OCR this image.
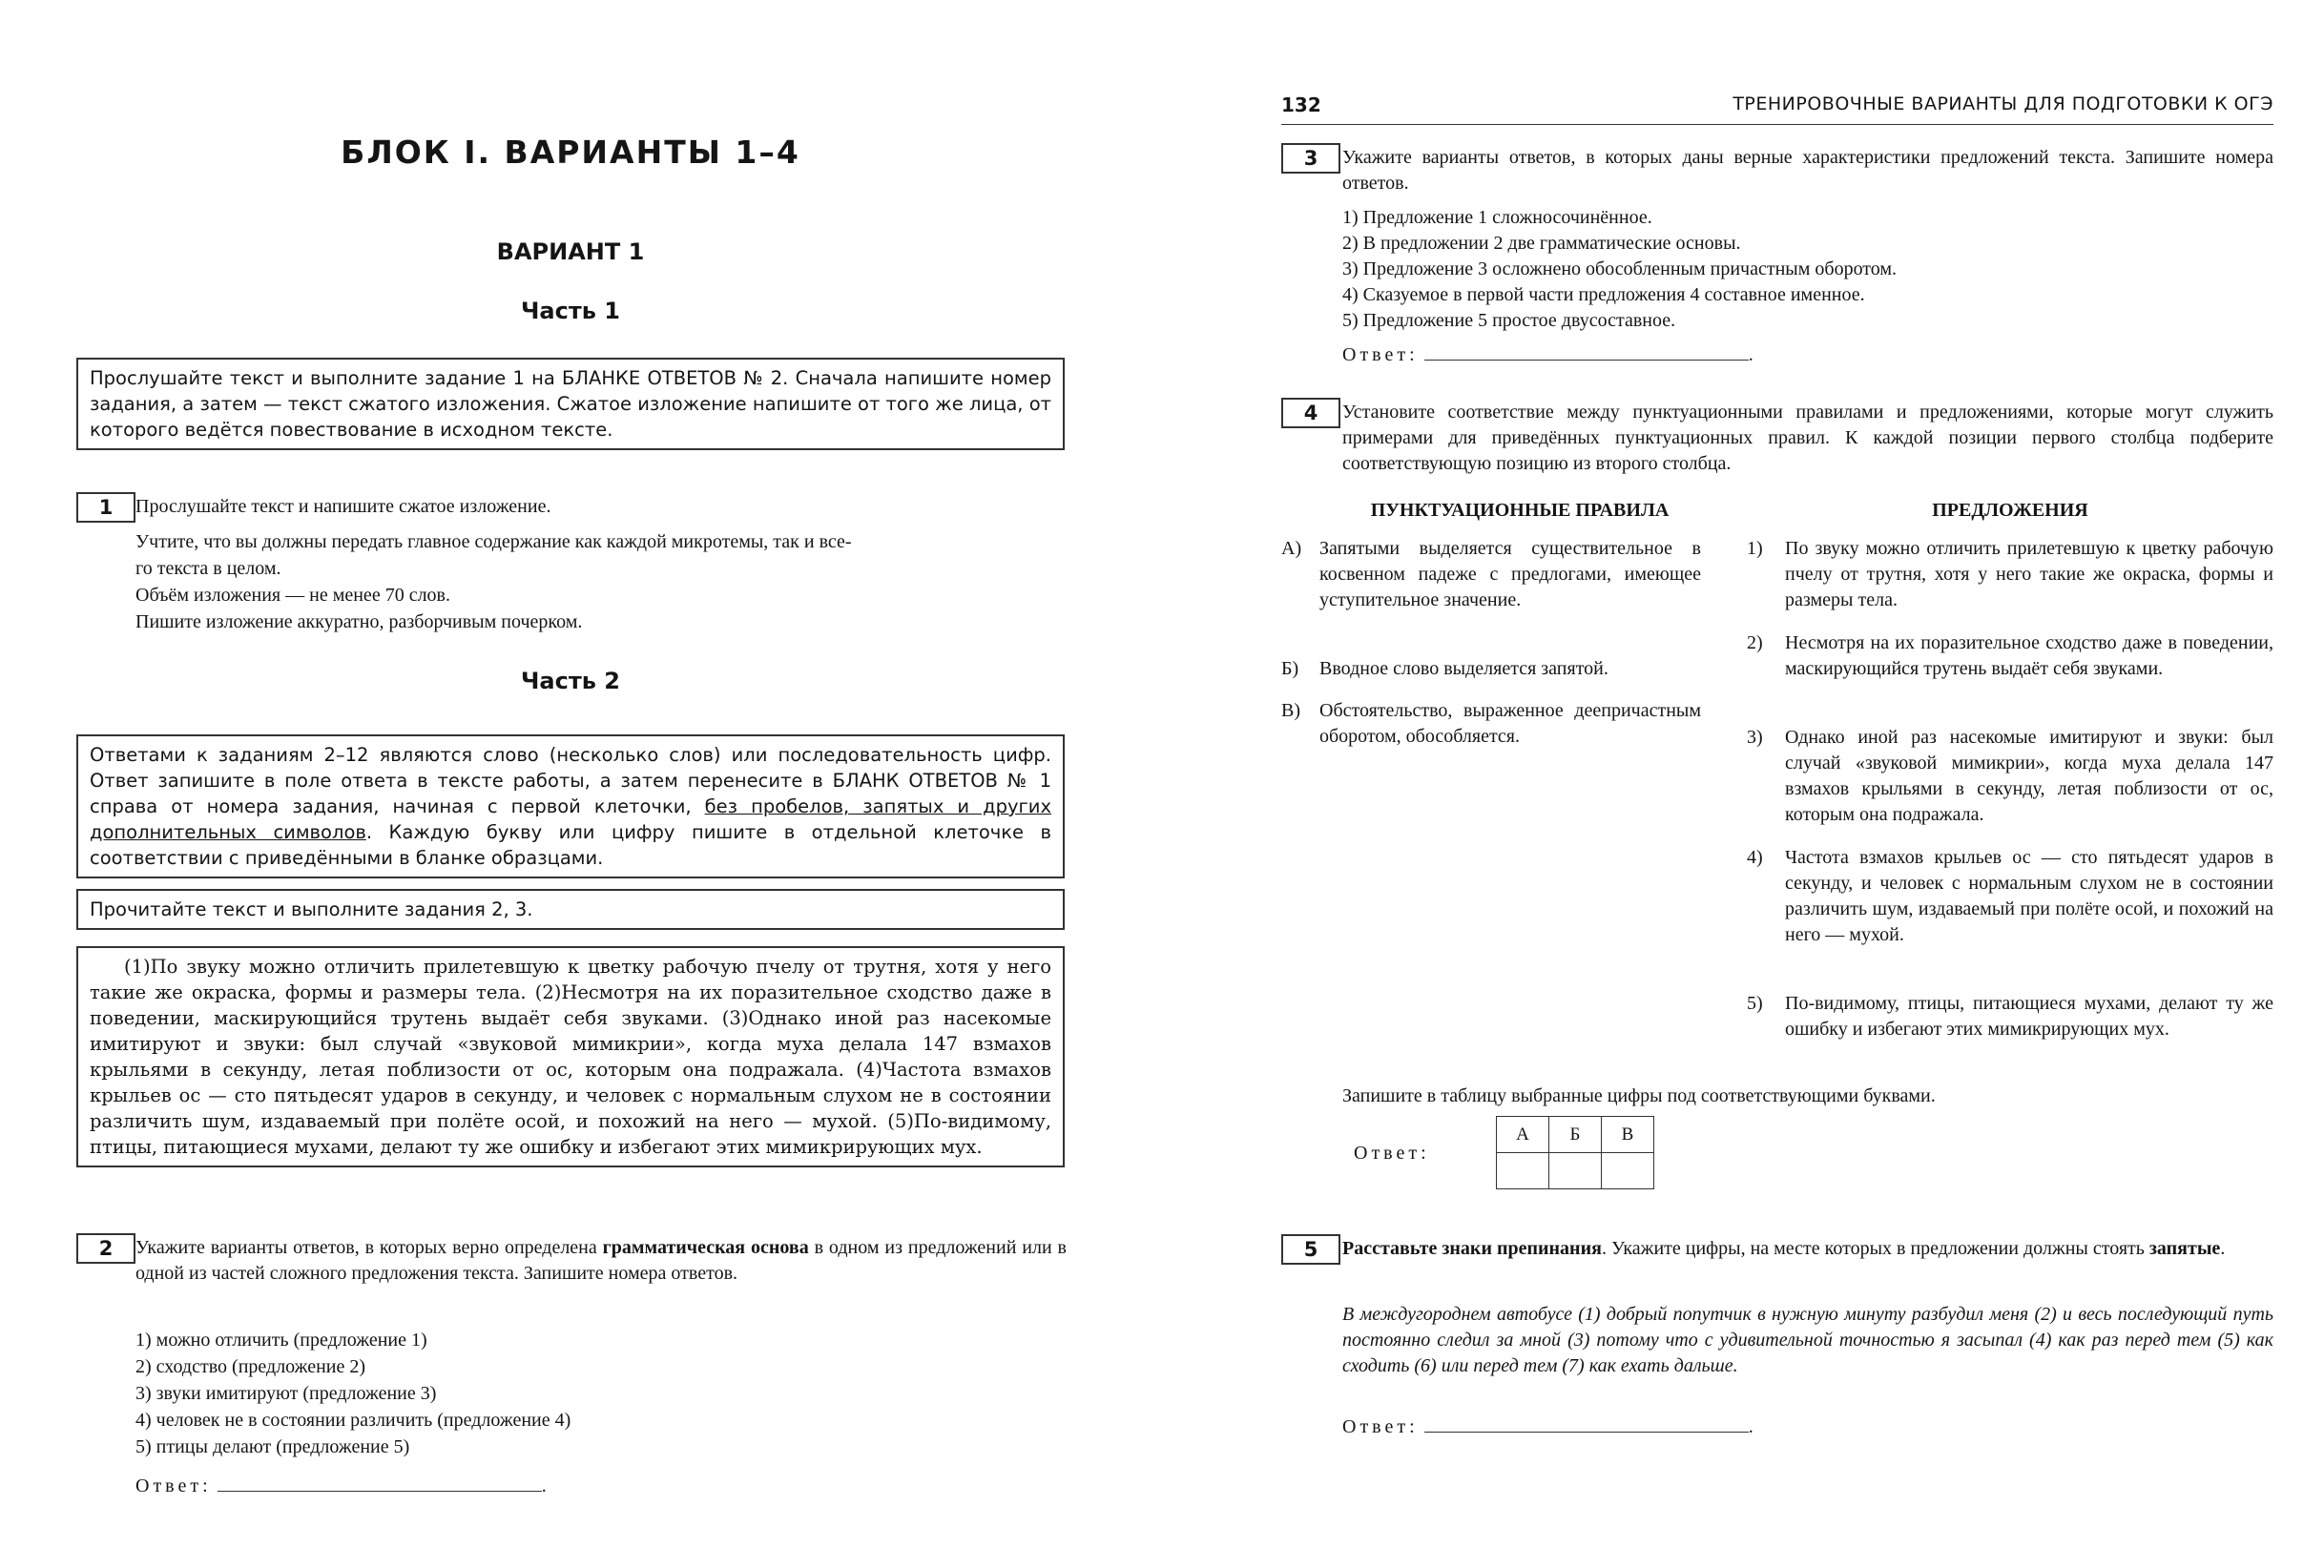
БЛОК I. ВАРИАНТЫ 1–4
ВАРИАНТ 1
Часть 1
Прослушайте текст и выполните задание 1 на БЛАНКЕ ОТВЕТОВ № 2. Сначала напишите номер задания, а затем — текст сжатого изложения. Сжатое изложение напишите от того же лица, от которого ведётся повествование в исходном тексте.
1	Прослушайте текст и напишите сжатое изложение.
Учтите, что вы должны передать главное содержание как каждой микротемы, так и все-
го текста в целом.
Объём изложения — не менее 70 слов.
Пишите изложение аккуратно, разборчивым почерком.
Часть 2
Ответами к заданиям 2–12 являются слово (несколько слов) или последовательность цифр. Ответ запишите в поле ответа в тексте работы, а затем перенесите в БЛАНК ОТВЕТОВ № 1 справа от номера задания, начиная с первой клеточки, без пробелов, запятых и других дополнительных символов. Каждую букву или цифру пишите в отдельной клеточке в соответствии с приведёнными в бланке образцами.
Прочитайте текст и выполните задания 2, 3.
(1)По звуку можно отличить прилетевшую к цветку рабочую пчелу от трутня, хотя у него такие же окраска, формы и размеры тела. (2)Несмотря на их поразительное сходство даже в поведении, маскирующийся трутень выдаёт себя звуками. (3)Однако иной раз насекомые имитируют и звуки: был случай «звуковой мимикрии», когда муха делала 147 взмахов крыльями в секунду, летая поблизости от ос, которым она подражала. (4)Частота взмахов крыльев ос — сто пятьдесят ударов в секунду, и человек с нормальным слухом не в состоянии различить шум, издаваемый при полёте осой, и похожий на него — мухой. (5)По-видимому, птицы, питающиеся мухами, делают ту же ошибку и избегают этих мимикрирующих мух.
2	Укажите варианты ответов, в которых верно определена грамматическая основа в одном из предложений или в одной из частей сложного предложения текста. Запишите номера ответов.
1) можно отличить (предложение 1)
2) сходство (предложение 2)
3) звуки имитируют (предложение 3)
4) человек не в состоянии различить (предложение 4)
5) птицы делают (предложение 5)
Ответ:	.
132	ТРЕНИРОВОЧНЫЕ ВАРИАНТЫ ДЛЯ ПОДГОТОВКИ К ОГЭ
3	Укажите варианты ответов, в которых даны верные характеристики предложений текста. Запишите номера ответов.
1) Предложение 1 сложносочинённое.
2) В предложении 2 две грамматические основы.
3) Предложение 3 осложнено обособленным причастным оборотом.
4) Сказуемое в первой части предложения 4 составное именное.
5) Предложение 5 простое двусоставное.
Ответ:	.
4	Установите соответствие между пунктуационными правилами и предложениями, которые могут служить примерами для приведённых пунктуационных правил. К каждой позиции первого столбца подберите соответствующую позицию из второго столбца.
ПУНКТУАЦИОННЫЕ ПРАВИЛА	ПРЕДЛОЖЕНИЯ
А) Запятыми выделяется существительное в косвенном падеже с предлогами, имеющее уступительное значение.
Б) Вводное слово выделяется запятой.
В) Обстоятельство, выраженное деепричастным оборотом, обособляется.
1) По звуку можно отличить прилетевшую к цветку рабочую пчелу от трутня, хотя у него такие же окраска, формы и размеры тела.
2) Несмотря на их поразительное сходство даже в поведении, маскирующийся трутень выдаёт себя звуками.
3) Однако иной раз насекомые имитируют и звуки: был случай «звуковой мимикрии», когда муха делала 147 взмахов крыльями в секунду, летая поблизости от ос, которым она подражала.
4) Частота взмахов крыльев ос — сто пятьдесят ударов в секунду, и человек с нормальным слухом не в состоянии различить шум, издаваемый при полёте осой, и похожий на него — мухой.
5) По-видимому, птицы, питающиеся мухами, делают ту же ошибку и избегают этих мимикрирующих мух.
Запишите в таблицу выбранные цифры под соответствующими буквами.
Ответ:
А	Б	В

5	Расставьте знаки препинания. Укажите цифры, на месте которых в предложении должны стоять запятые.
В междугороднем автобусе (1) добрый попутчик в нужную минуту разбудил меня (2) и весь последующий путь постоянно следил за мной (3) потому что с удивительной точностью я засыпал (4) как раз перед тем (5) как сходить (6) или перед тем (7) как ехать дальше.
Ответ:	.
